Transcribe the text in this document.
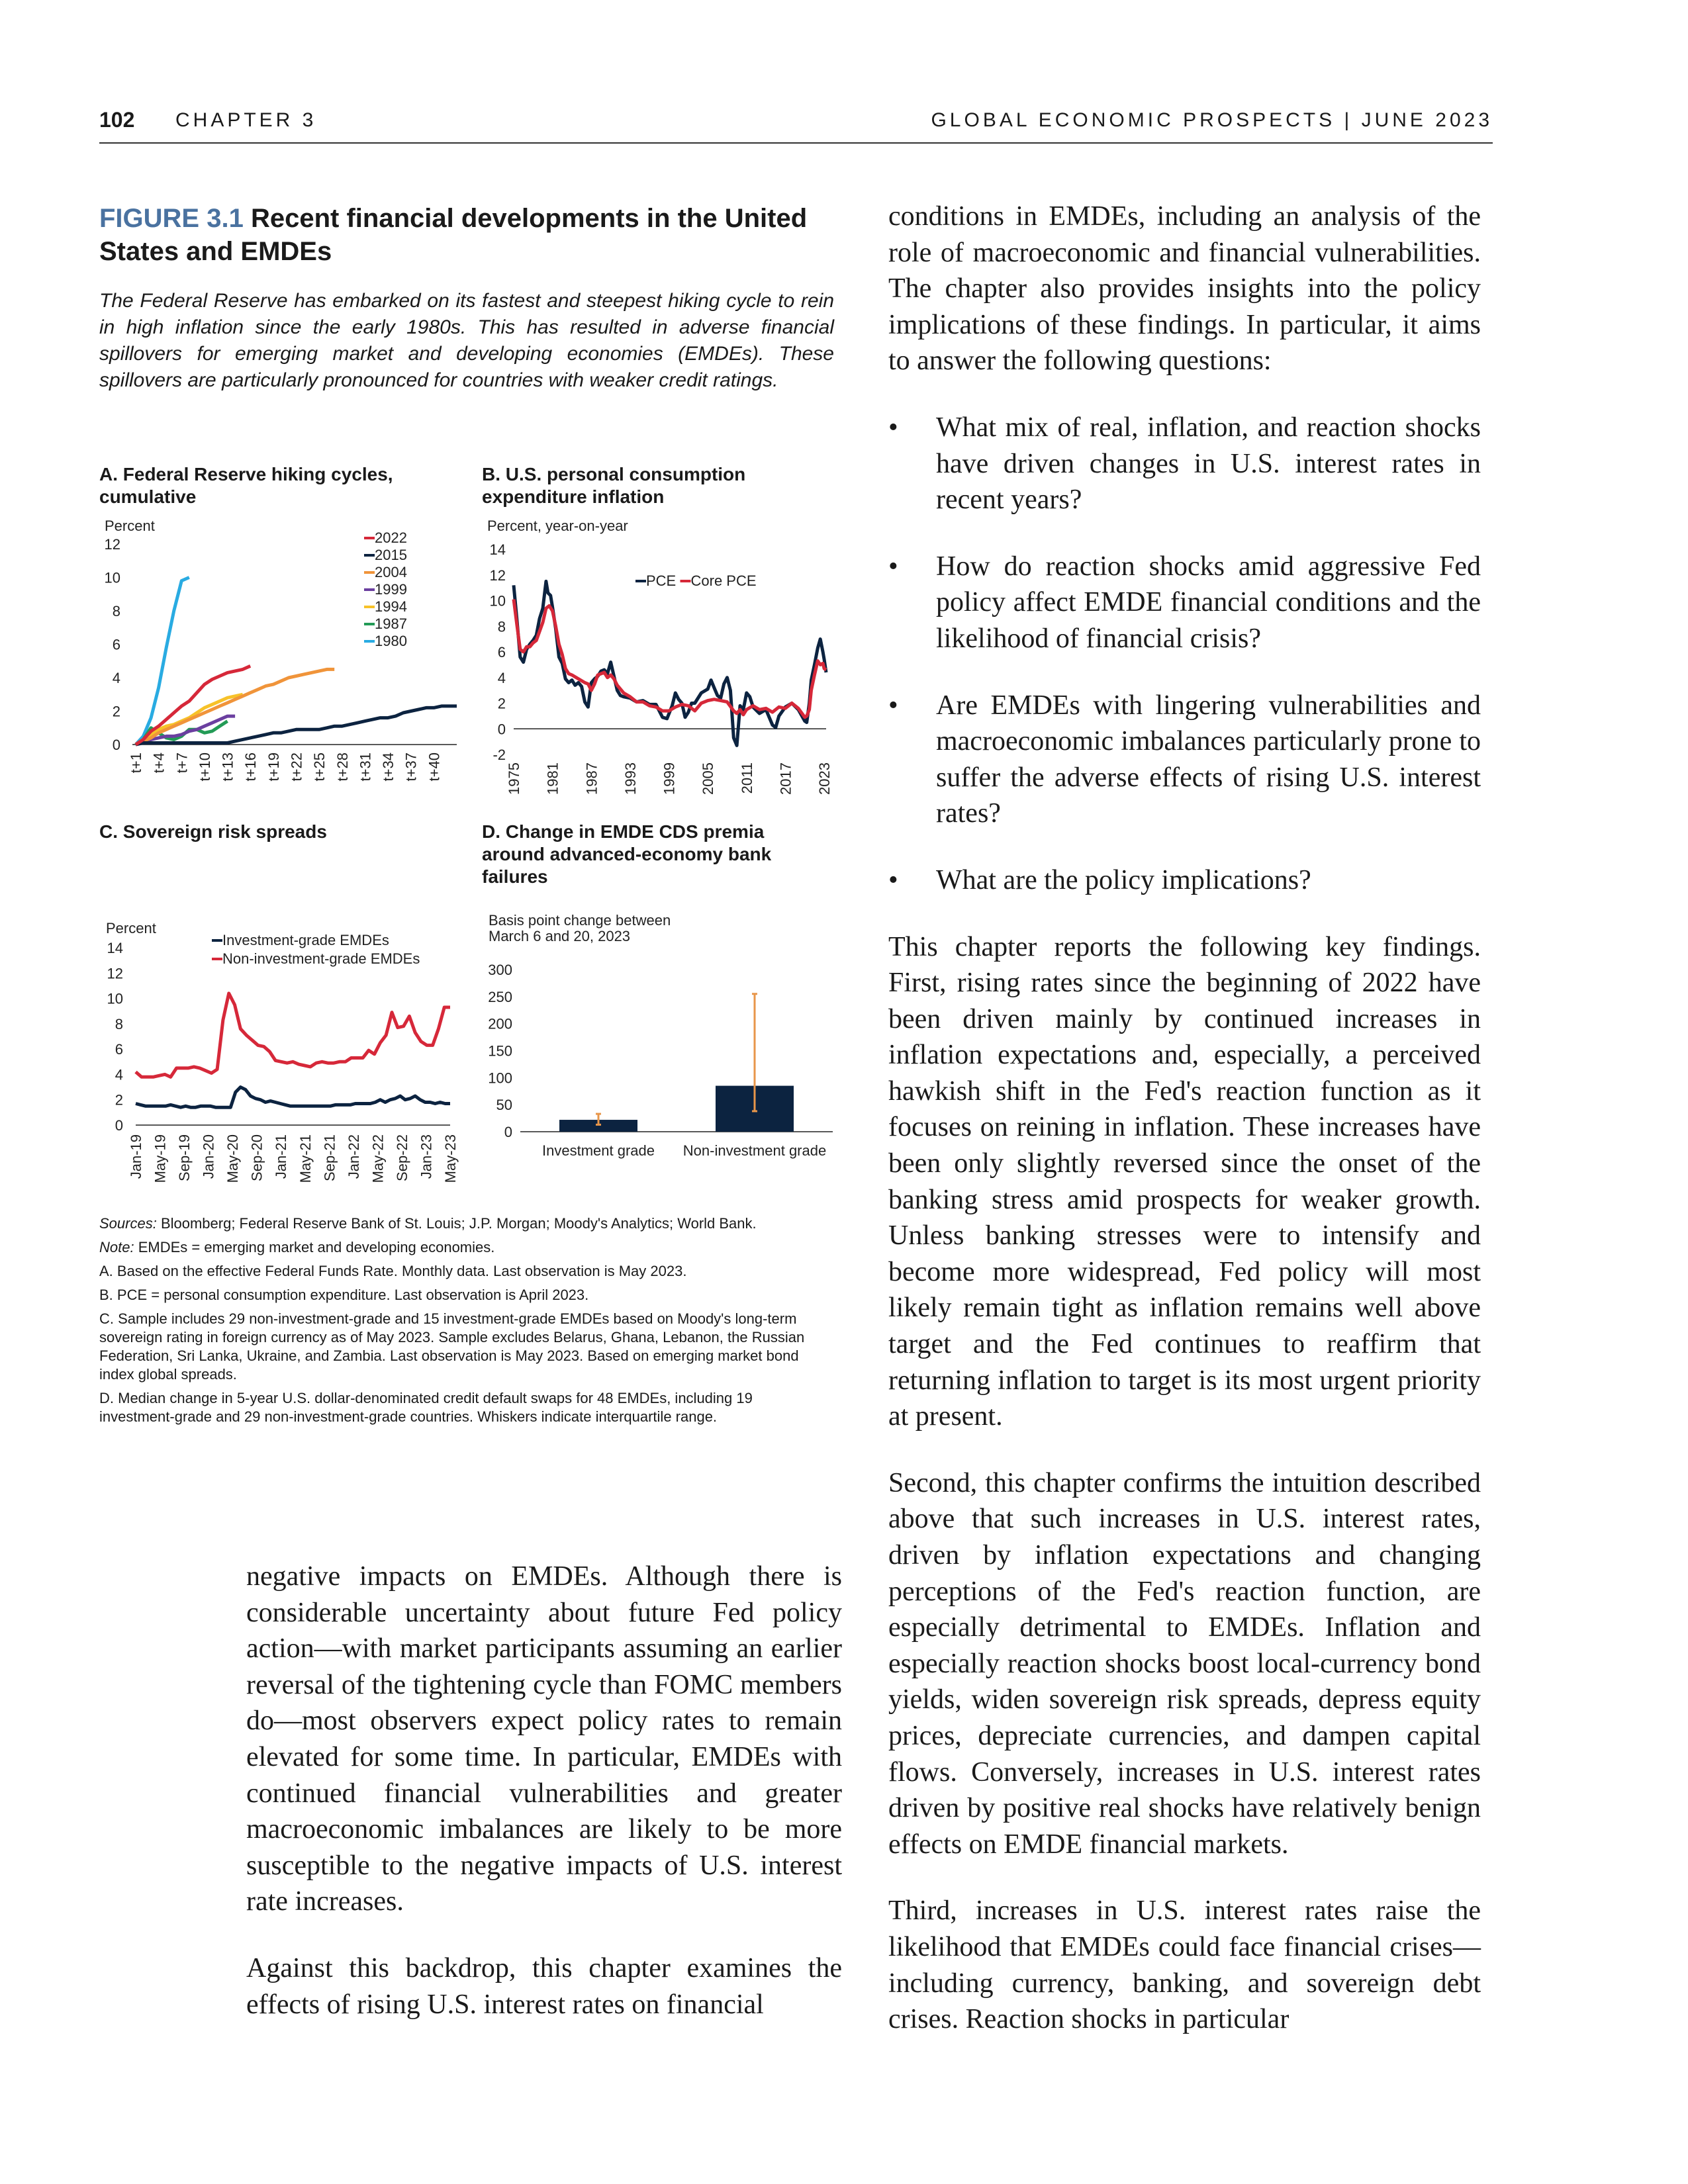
102 CHAPTER 3	GLOBAL ECONOMIC PROSPECTS | JUNE 2023
FIGURE 3.1 Recent financial developments in the United States and EMDEs
The Federal Reserve has embarked on its fastest and steepest hiking cycle to rein in high inflation since the early 1980s. This has resulted in adverse financial spillovers for emerging market and developing economies (EMDEs). These spillovers are particularly pronounced for countries with weaker credit ratings.
A. Federal Reserve hiking cycles, cumulative
Percent
0
2
4
6
8
10
12
t+1 t+4 t+7 t+10 t+13 t+16 t+19 t+22 t+25 t+28 t+31 t+34 t+37 t+40
2022
2015
2004
1999
1994
1987
1980
B. U.S. personal consumption expenditure inflation
Percent, year-on-year
-2
0
2
4
6
8
10
12
14
1975 1981 1987 1993 1999 2005 2011 2017 2023
PCE Core PCE
C. Sovereign risk spreads
Percent
0
2
4
6
8
10
12
14
Jan-19 May-19 Sep-19 Jan-20 May-20 Sep-20 Jan-21 May-21 Sep-21 Jan-22 May-22 Sep-22 Jan-23 May-23
Investment-grade EMDEs
Non-investment-grade EMDEs
D. Change in EMDE CDS premia around advanced-economy bank failures
Basis point change between
March 6 and 20, 2023
0
50
100
150
200
250
300
Investment grade Non-investment grade

Sources: Bloomberg; Federal Reserve Bank of St. Louis; J.P. Morgan; Moody's Analytics; World Bank.

Note: EMDEs = emerging market and developing economies.

A. Based on the effective Federal Funds Rate. Monthly data. Last observation is May 2023.

B. PCE = personal consumption expenditure. Last observation is April 2023.

C. Sample includes 29 non-investment-grade and 15 investment-grade EMDEs based on Moody's long-term sovereign rating in foreign currency as of May 2023. Sample excludes Belarus, Ghana, Lebanon, the Russian Federation, Sri Lanka, Ukraine, and Zambia. Last observation is May 2023. Based on emerging market bond index global spreads.

D. Median change in 5-year U.S. dollar-denominated credit default swaps for 48 EMDEs, including 19 investment-grade and 29 non-investment-grade countries. Whiskers indicate interquartile range.

negative impacts on EMDEs. Although there is considerable uncertainty about future Fed policy action—with market participants assuming an earlier reversal of the tightening cycle than FOMC members do—most observers expect policy rates to remain elevated for some time. In particular, EMDEs with continued financial vulnerabilities and greater macroeconomic imbalances are likely to be more susceptible to the negative impacts of U.S. interest rate increases.

Against this backdrop, this chapter examines the effects of rising U.S. interest rates on financial

conditions in EMDEs, including an analysis of the role of macroeconomic and financial vulnerabilities. The chapter also provides insights into the policy implications of these findings. In particular, it aims to answer the following questions:

• What mix of real, inflation, and reaction shocks have driven changes in U.S. interest rates in recent years?
• How do reaction shocks amid aggressive Fed policy affect EMDE financial conditions and the likelihood of financial crisis?
• Are EMDEs with lingering vulnerabilities and macroeconomic imbalances particularly prone to suffer the adverse effects of rising U.S. interest rates?
• What are the policy implications?

This chapter reports the following key findings. First, rising rates since the beginning of 2022 have been driven mainly by continued increases in inflation expectations and, especially, a perceived hawkish shift in the Fed's reaction function as it focuses on reining in inflation. These increases have been only slightly reversed since the onset of the banking stress amid prospects for weaker growth. Unless banking stresses were to intensify and become more widespread, Fed policy will most likely remain tight as inflation remains well above target and the Fed continues to reaffirm that returning inflation to target is its most urgent priority at present.

Second, this chapter confirms the intuition described above that such increases in U.S. interest rates, driven by inflation expectations and changing perceptions of the Fed's reaction function, are especially detrimental to EMDEs. Inflation and especially reaction shocks boost local-currency bond yields, widen sovereign risk spreads, depress equity prices, depreciate currencies, and dampen capital flows. Conversely, increases in U.S. interest rates driven by positive real shocks have relatively benign effects on EMDE financial markets.

Third, increases in U.S. interest rates raise the likelihood that EMDEs could face financial crises—including currency, banking, and sovereign debt crises. Reaction shocks in particular
